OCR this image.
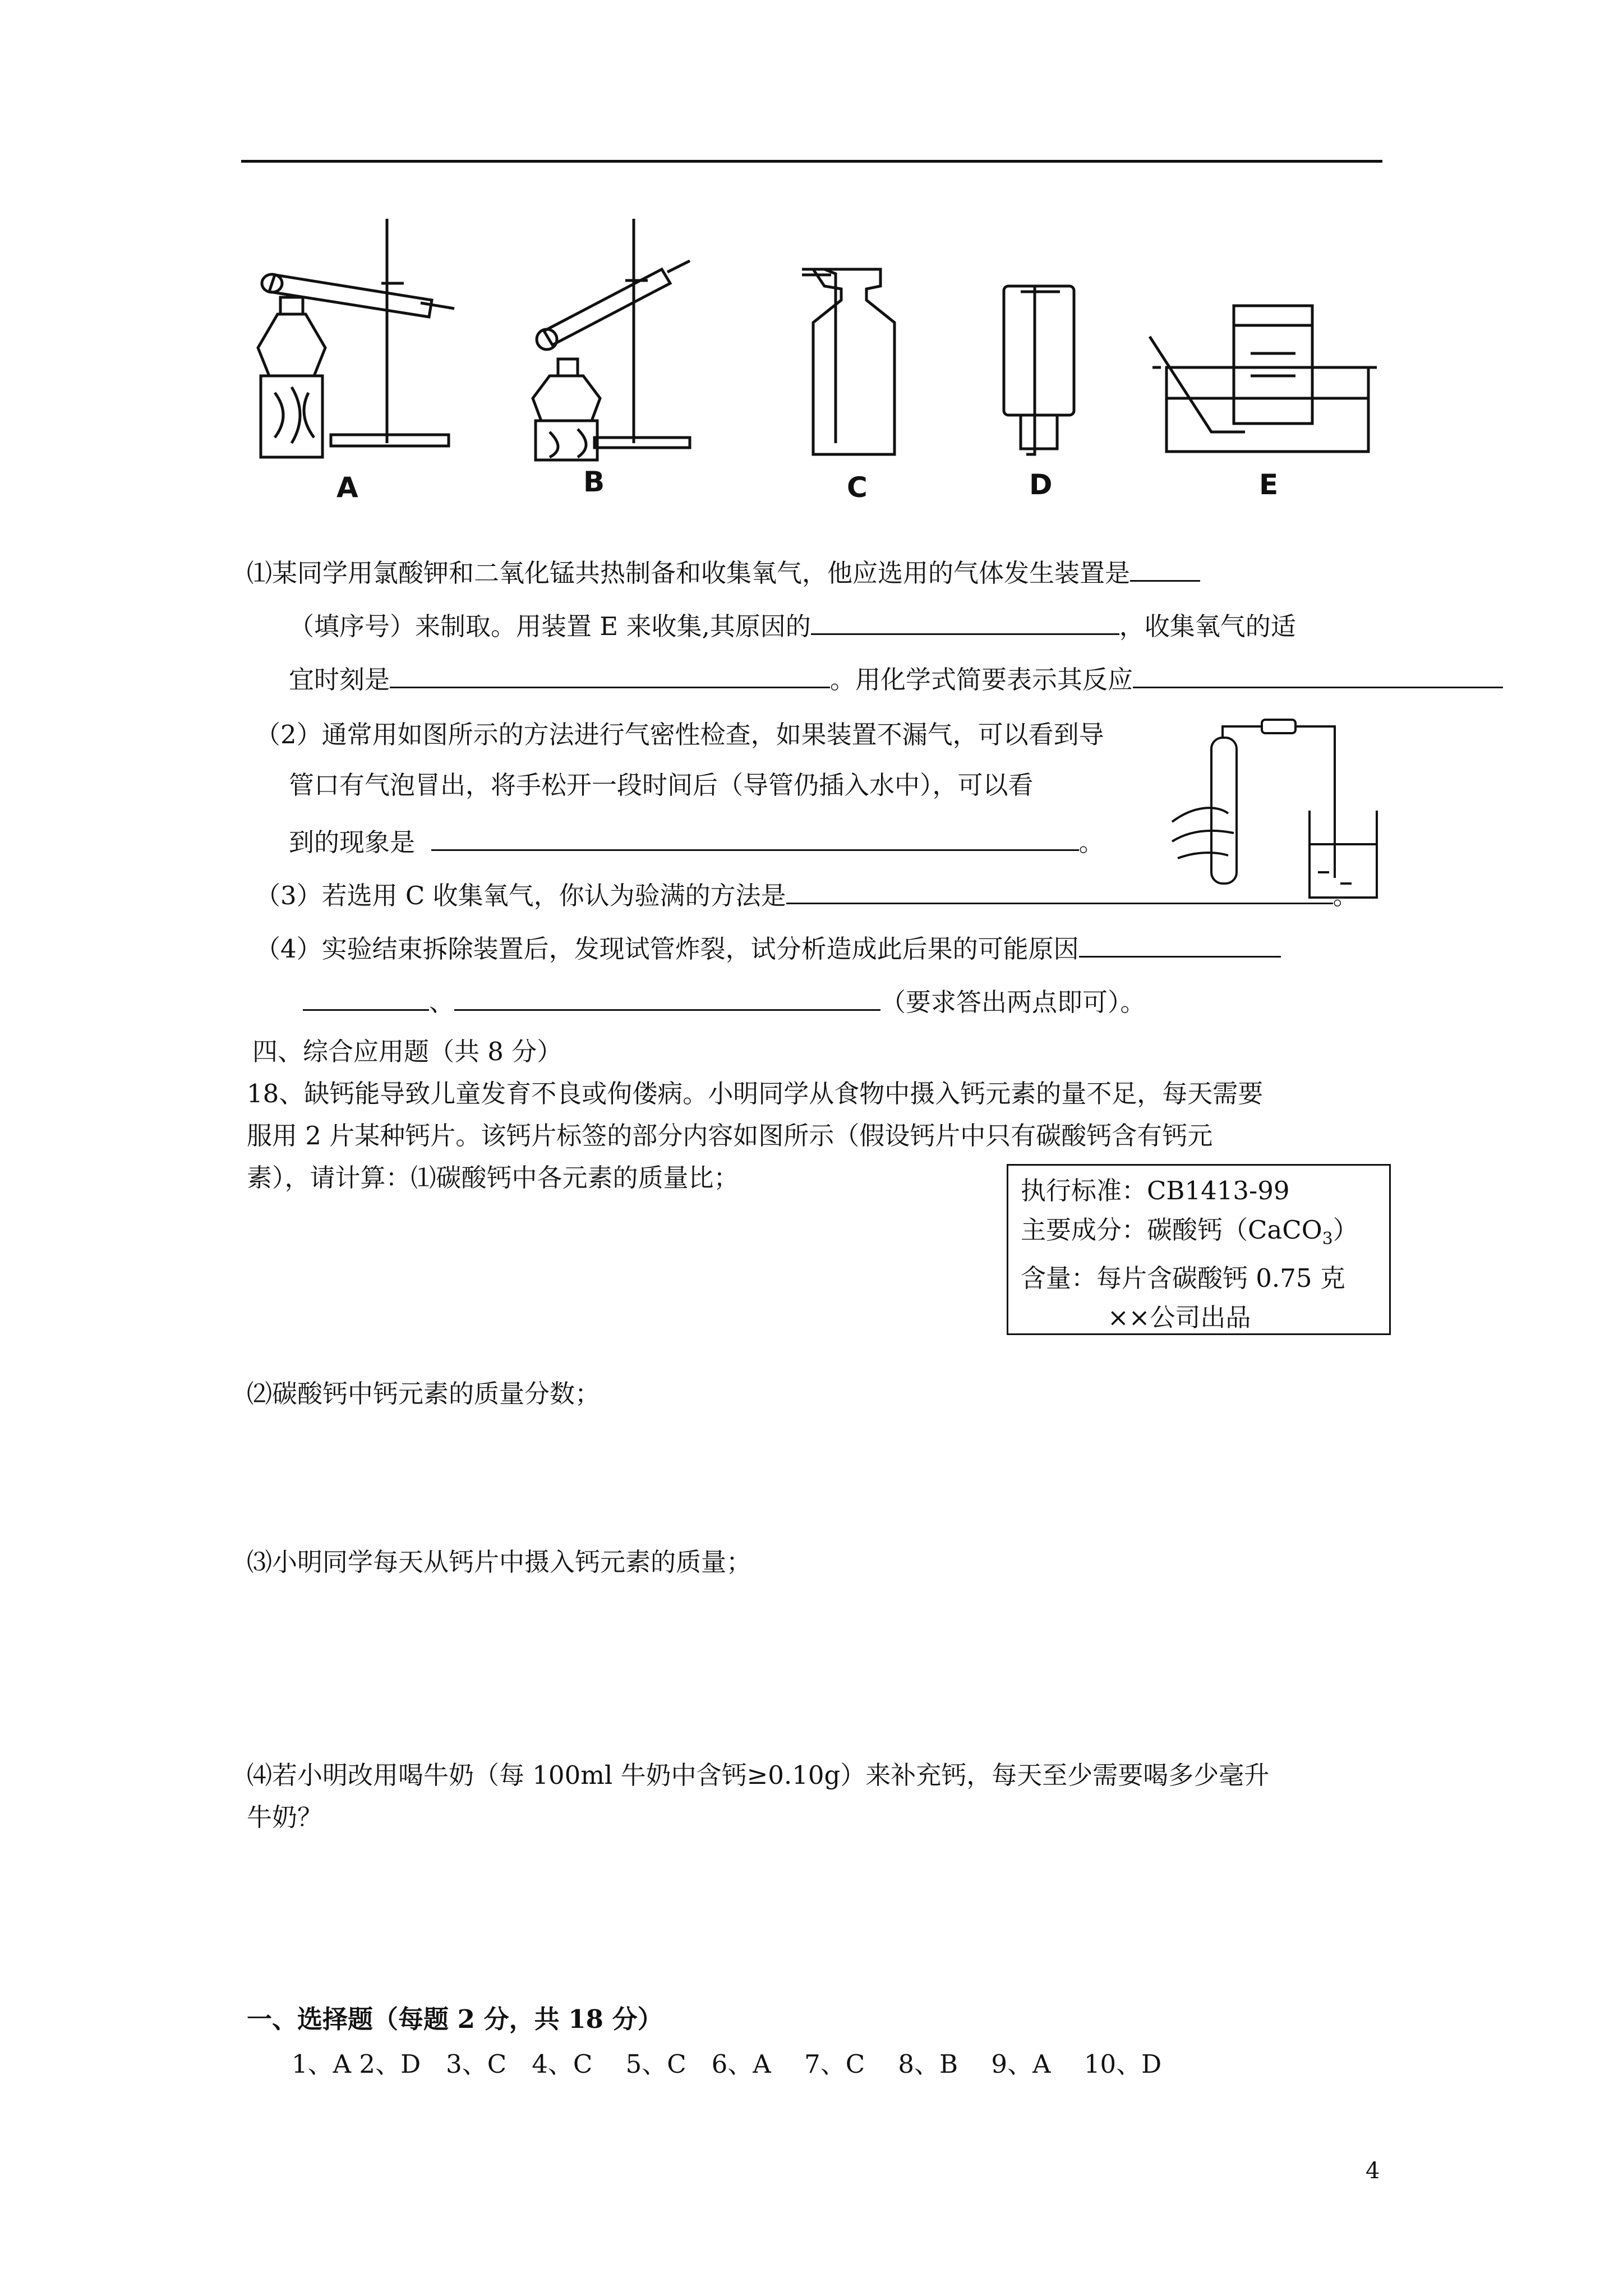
A	B	C	D	E
⑴某同学用氯酸钾和二氧化锰共热制备和收集氧气，他应选用的气体发生装置是
（填序号）来制取。用装置 E 来收集,其原因的	，收集氧气的适
宜时刻是	。用化学式简要表示其反应
（2）通常用如图所示的方法进行气密性检查，如果装置不漏气，可以看到导
管口有气泡冒出，将手松开一段时间后（导管仍插入水中），可以看
到的现象是	。
（3）若选用 C 收集氧气，你认为验满的方法是	。
（4）实验结束拆除装置后，发现试管炸裂，试分析造成此后果的可能原因
、	（要求答出两点即可）。
四、综合应用题（共 8 分）
18、缺钙能导致儿童发育不良或佝偻病。小明同学从食物中摄入钙元素的量不足，每天需要
服用 2 片某种钙片。该钙片标签的部分内容如图所示（假设钙片中只有碳酸钙含有钙元
素），请计算：⑴碳酸钙中各元素的质量比；	执行标准：CB1413-99
主要成分：碳酸钙（CaCO$_3$）
含量：每片含碳酸钙 0.75 克
××公司出品
⑵碳酸钙中钙元素的质量分数；
⑶小明同学每天从钙片中摄入钙元素的质量；
⑷若小明改用喝牛奶（每 100ml 牛奶中含钙≥0.10g）来补充钙，每天至少需要喝多少毫升
牛奶？
一、选择题（每题 2 分，共 18 分）
1、A 2、D　3、C　4、C　 5、C　6、A　 7、C　 8、B　 9、A　 10、D
4
